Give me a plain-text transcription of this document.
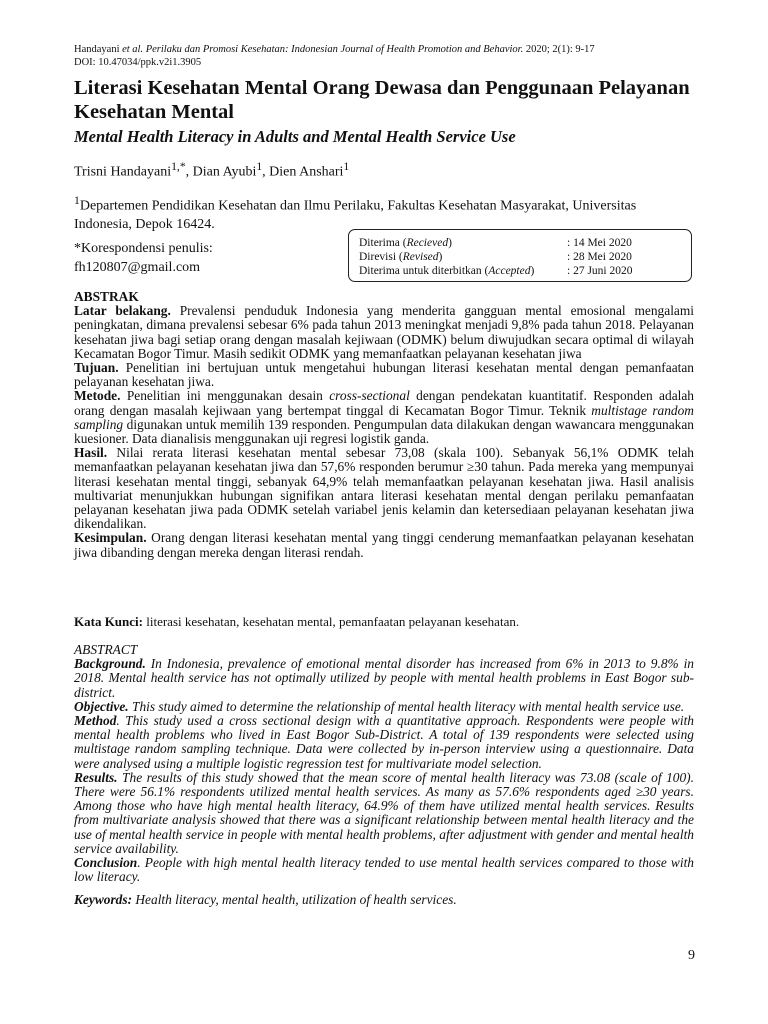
Handayani et al. Perilaku dan Promosi Kesehatan: Indonesian Journal of Health Promotion and Behavior. 2020; 2(1): 9-17
DOI: 10.47034/ppk.v2i1.3905
Literasi Kesehatan Mental Orang Dewasa dan Penggunaan Pelayanan Kesehatan Mental
Mental Health Literacy in Adults and Mental Health Service Use
Trisni Handayani$^{1,*}$, Dian Ayubi$^1$, Dien Anshari$^1$
$^1$Departemen Pendidikan Kesehatan dan Ilmu Perilaku, Fakultas Kesehatan Masyarakat, Universitas Indonesia, Depok 16424.
*Korespondensi penulis:
fh120807@gmail.com
Diterima (Recieved)	: 14 Mei 2020
Direvisi (Revised)	: 28 Mei 2020
Diterima untuk diterbitkan (Accepted)	: 27 Juni 2020

ABSTRAK

Latar belakang. Prevalensi penduduk Indonesia yang menderita gangguan mental emosional mengalami peningkatan, dimana prevalensi sebesar 6% pada tahun 2013 meningkat menjadi 9,8% pada tahun 2018. Pelayanan kesehatan jiwa bagi setiap orang dengan masalah kejiwaan (ODMK) belum diwujudkan secara optimal di wilayah Kecamatan Bogor Timur. Masih sedikit ODMK yang memanfaatkan pelayanan kesehatan jiwa

Tujuan. Penelitian ini bertujuan untuk mengetahui hubungan literasi kesehatan mental dengan pemanfaatan pelayanan kesehatan jiwa.

Metode. Penelitian ini menggunakan desain cross-sectional dengan pendekatan kuantitatif. Responden adalah orang dengan masalah kejiwaan yang bertempat tinggal di Kecamatan Bogor Timur. Teknik multistage random sampling digunakan untuk memilih 139 responden. Pengumpulan data dilakukan dengan wawancara menggunakan kuesioner. Data dianalisis menggunakan uji regresi logistik ganda.

Hasil. Nilai rerata literasi kesehatan mental sebesar 73,08 (skala 100). Sebanyak 56,1% ODMK telah memanfaatkan pelayanan kesehatan jiwa dan 57,6% responden berumur ≥30 tahun. Pada mereka yang mempunyai literasi kesehatan mental tinggi, sebanyak 64,9% telah memanfaatkan pelayanan kesehatan jiwa. Hasil analisis multivariat menunjukkan hubungan signifikan antara literasi kesehatan mental dengan perilaku pemanfaatan pelayanan kesehatan jiwa pada ODMK setelah variabel jenis kelamin dan ketersediaan pelayanan kesehatan jiwa dikendalikan.

Kesimpulan. Orang dengan literasi kesehatan mental yang tinggi cenderung memanfaatkan pelayanan kesehatan jiwa dibanding dengan mereka dengan literasi rendah.

Kata Kunci: literasi kesehatan, kesehatan mental, pemanfaatan pelayanan kesehatan.

ABSTRACT

Background. In Indonesia, prevalence of emotional mental disorder has increased from 6% in 2013 to 9.8% in 2018. Mental health service has not optimally utilized by people with mental health problems in East Bogor sub-district.

Objective. This study aimed to determine the relationship of mental health literacy with mental health service use.

Method. This study used a cross sectional design with a quantitative approach. Respondents were people with mental health problems who lived in East Bogor Sub-District. A total of 139 respondents were selected using multistage random sampling technique. Data were collected by in-person interview using a questionnaire. Data were analysed using a multiple logistic regression test for multivariate model selection.

Results. The results of this study showed that the mean score of mental health literacy was 73.08 (scale of 100). There were 56.1% respondents utilized mental health services. As many as 57.6% respondents aged ≥30 years. Among those who have high mental health literacy, 64.9% of them have utilized mental health services. Results from multivariate analysis showed that there was a significant relationship between mental health literacy and the use of mental health service in people with mental health problems, after adjustment with gender and mental health service availability.

Conclusion. People with high mental health literacy tended to use mental health services compared to those with low literacy.

Keywords: Health literacy, mental health, utilization of health services.

9
